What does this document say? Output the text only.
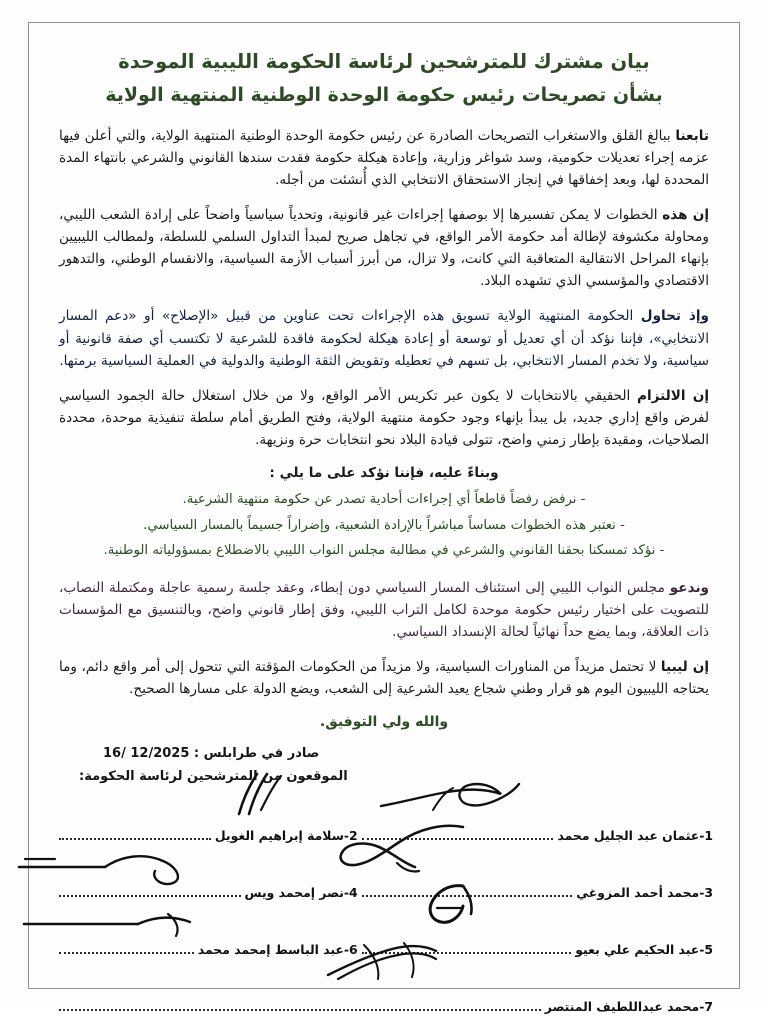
بيان مشترك للمترشحين لرئاسة الحكومة الليبية الموحدة
بشأن تصريحات رئيس حكومة الوحدة الوطنية المنتهية الولاية

تابعنا ببالغ القلق والاستغراب التصريحات الصادرة عن رئيس حكومة الوحدة الوطنية المنتهية الولاية، والتي أعلن فيها عزمه إجراء تعديلات حكومية، وسد شواغر وزارية، وإعادة هيكلة حكومة فقدت سندها القانوني والشرعي بانتهاء المدة المحددة لها، وبعد إخفاقها في إنجاز الاستحقاق الانتخابي الذي أُنشئت من أجله.

إن هذه الخطوات لا يمكن تفسيرها إلا بوصفها إجراءات غير قانونية، وتحدياً سياسياً واضحاً على إرادة الشعب الليبي، ومحاولة مكشوفة لإطالة أمد حكومة الأمر الواقع، في تجاهل صريح لمبدأ التداول السلمي للسلطة، ولمطالب الليبيين بإنهاء المراحل الانتقالية المتعاقبة التي كانت، ولا تزال، من أبرز أسباب الأزمة السياسية، والانقسام الوطني، والتدهور الاقتصادي والمؤسسي الذي تشهده البلاد.

وإذ تحاول الحكومة المنتهية الولاية تسويق هذه الإجراءات تحت عناوين من قبيل «الإصلاح» أو «دعم المسار الانتخابي»، فإننا نؤكد أن أي تعديل أو توسعة أو إعادة هيكلة لحكومة فاقدة للشرعية لا تكتسب أي صفة قانونية أو سياسية، ولا تخدم المسار الانتخابي، بل تسهم في تعطيله وتقويض الثقة الوطنية والدولية في العملية السياسية برمتها.

إن الالتزام الحقيقي بالانتخابات لا يكون عبر تكريس الأمر الواقع، ولا من خلال استغلال حالة الجمود السياسي لفرض واقع إداري جديد، بل يبدأ بإنهاء وجود حكومة منتهية الولاية، وفتح الطريق أمام سلطة تنفيذية موحدة، محددة الصلاحيات، ومقيدة بإطار زمني واضح، تتولى قيادة البلاد نحو انتخابات حرة ونزيهة.

وبناءً عليه، فإننا نؤكد على ما يلي :
- نرفض رفضاً قاطعاً أي إجراءات أحادية تصدر عن حكومة منتهية الشرعية.
- نعتبر هذه الخطوات مساساً مباشراً بالإرادة الشعبية، وإضراراً جسيماً بالمسار السياسي.
- نؤكد تمسكنا بحقنا القانوني والشرعي في مطالبة مجلس النواب الليبي بالاضطلاع بمسؤولياته الوطنية.

وندعو مجلس النواب الليبي إلى استئناف المسار السياسي دون إبطاء، وعقد جلسة رسمية عاجلة ومكتملة النصاب، للتصويت على اختيار رئيس حكومة موحدة لكامل التراب الليبي، وفق إطار قانوني واضح، وبالتنسيق مع المؤسسات ذات العلاقة، وبما يضع حداً نهائياً لحالة الإنسداد السياسي.

إن ليبيا لا تحتمل مزيداً من المناورات السياسية، ولا مزيداً من الحكومات المؤقتة التي تتحول إلى أمر واقع دائم، وما يحتاجه الليبيون اليوم هو قرار وطني شجاع يعيد الشرعية إلى الشعب، ويضع الدولة على مسارها الصحيح.

والله ولي التوفيق.
صادر في طرابلس : 16/ 12/2025
الموقعون من المترشحين لرئاسة الحكومة:
1-
عثمان عبد الجليل محمد
2-
سلامة إبراهيم الغويل
3-
محمد أحمد المزوغي
4-
نصر إمحمد ويس
5-
عبد الحكيم علي بعيو
6-
عبد الباسط إمحمد محمد
7-
محمد عبداللطيف المنتصر
